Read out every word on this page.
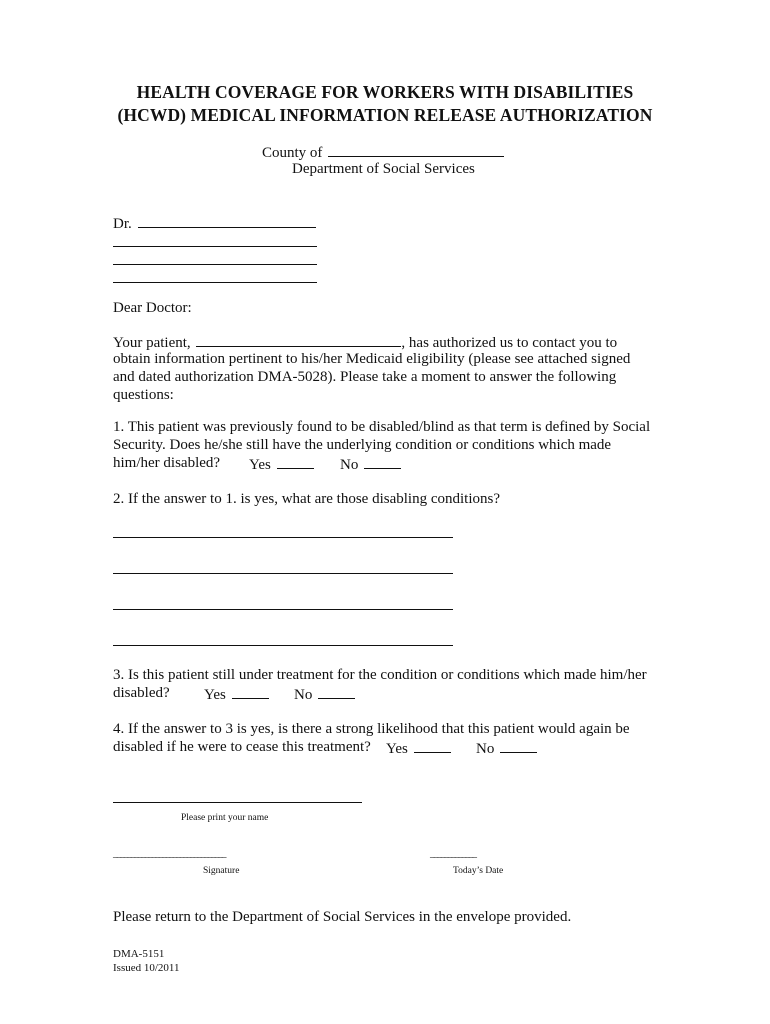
HEALTH COVERAGE FOR WORKERS WITH DISABILITIES
(HCWD) MEDICAL INFORMATION RELEASE AUTHORIZATION
County of
Department of Social Services
Dr.
Dear Doctor:
Your patient,	, has authorized us to contact you to
obtain information pertinent to his/her Medicaid eligibility (please see attached signed
and dated authorization DMA-5028). Please take a moment to answer the following
questions:
1. This patient was previously found to be disabled/blind as that term is defined by Social
Security. Does he/she still have the underlying condition or conditions which made
him/her disabled? Yes	No
2. If the answer to 1. is yes, what are those disabling conditions?
3. Is this patient still under treatment for the condition or conditions which made him/her
disabled? Yes	No
4. If the answer to 3 is yes, is there a strong likelihood that this patient would again be
disabled if he were to cease this treatment? Yes	No
Please print your name
________________________________
Signature
_____________
Today’s Date
Please return to the Department of Social Services in the envelope provided.
DMA-5151
Issued 10/2011
